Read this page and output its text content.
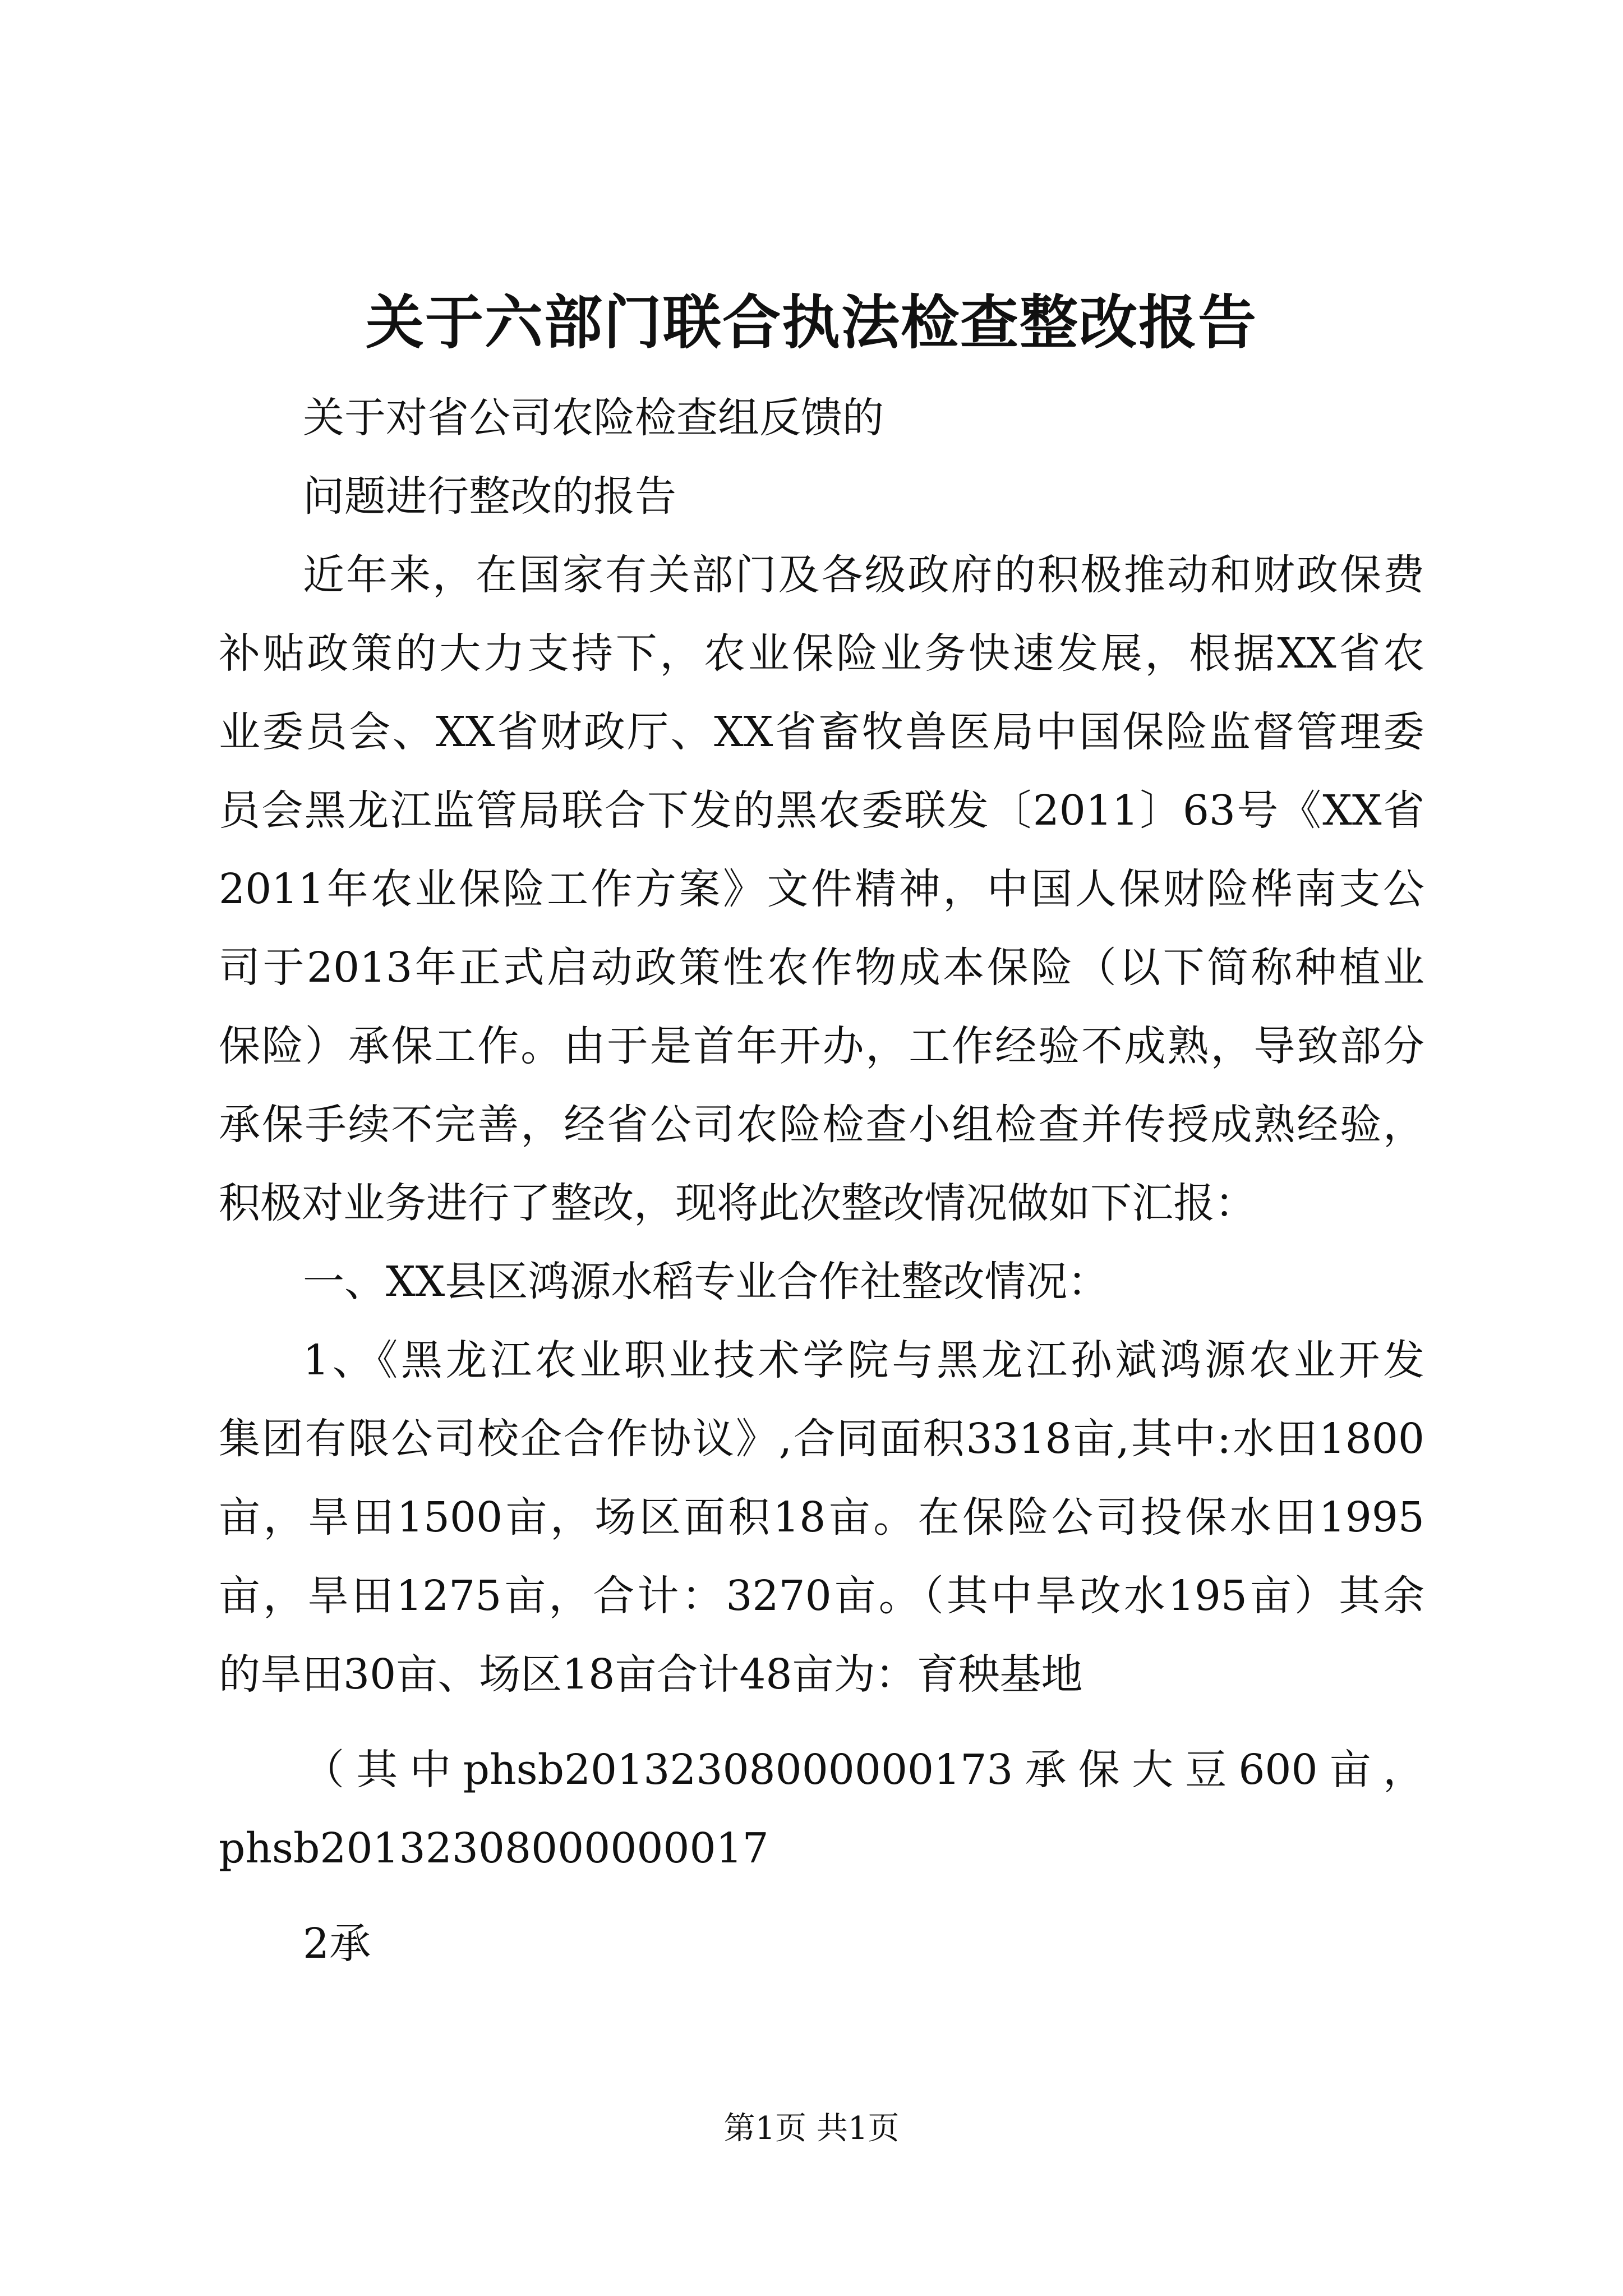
关于六部门联合执法检查整改报告
关于对省公司农险检查组反馈的
问题进行整改的报告
近年来，在国家有关部门及各级政府的积极推动和财政保费
补贴政策的大力支持下，农业保险业务快速发展，根据XX省农
业委员会、XX省财政厅、XX省畜牧兽医局中国保险监督管理委
员会黑龙江监管局联合下发的黑农委联发〔2011〕63号《XX省
2011年农业保险工作方案》文件精神，中国人保财险桦南支公
司于2013年正式启动政策性农作物成本保险（以下简称种植业
保险）承保工作。由于是首年开办，工作经验不成熟，导致部分
承保手续不完善，经省公司农险检查小组检查并传授成熟经验，
积极对业务进行了整改，现将此次整改情况做如下汇报：
一、XX县区鸿源水稻专业合作社整改情况：
1、《黑龙江农业职业技术学院与黑龙江孙斌鸿源农业开发
集团有限公司校企合作协议》,合同面积3318亩,其中:水田1800
亩，旱田1500亩，场区面积18亩。在保险公司投保水田1995
亩，旱田1275亩，合计：3270亩。（其中旱改水195亩）其余
的旱田30亩、场区18亩合计48亩为：育秧基地
（其中phsb20132308000000173承保大豆600亩，
phsb20132308000000017
2承
第1页 共1页
